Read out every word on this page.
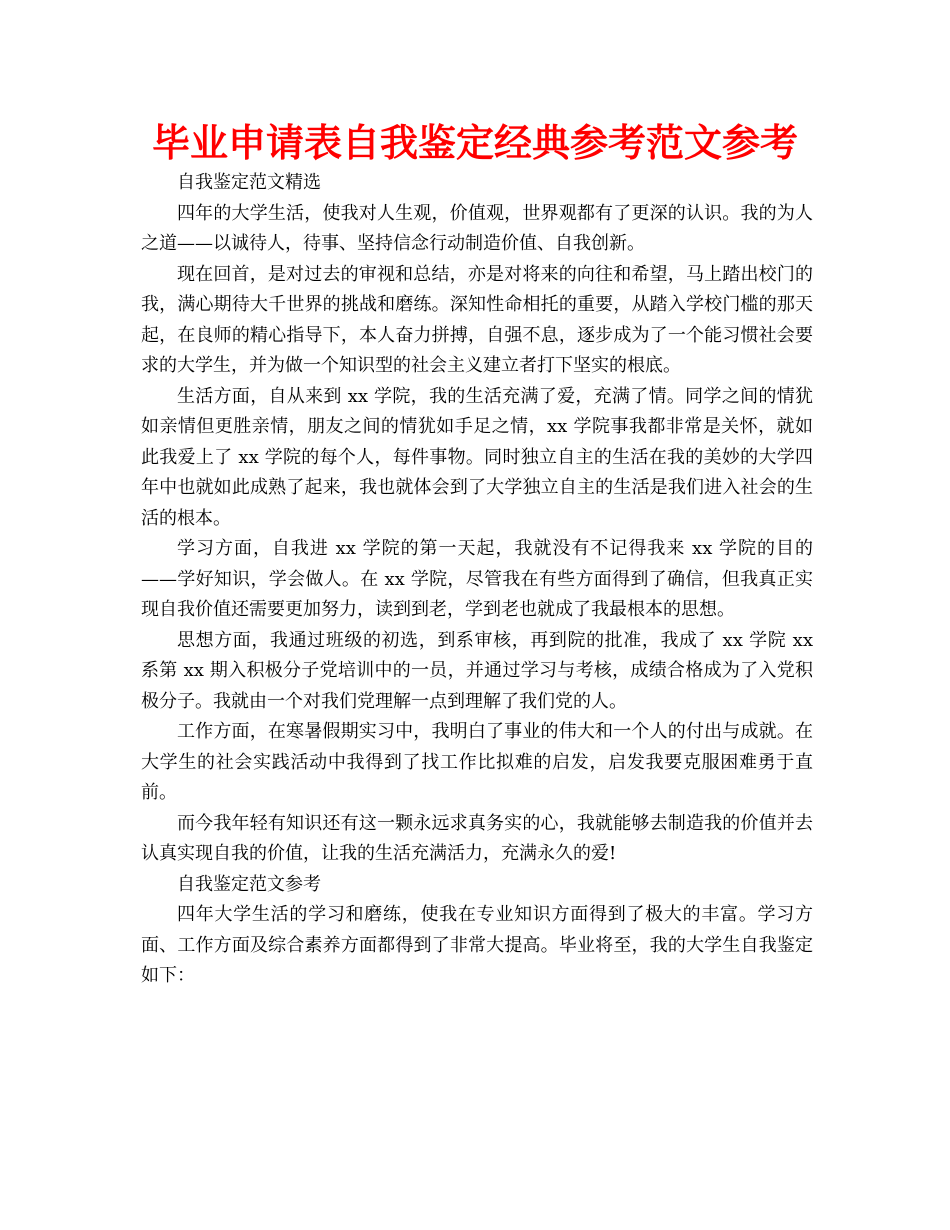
毕业申请表自我鉴定经典参考范文参考

自我鉴定范文精选

四年的大学生活，使我对人生观，价值观，世界观都有了更深的认识。我的为人之道——以诚待人，待事、坚持信念行动制造价值、自我创新。

现在回首，是对过去的审视和总结，亦是对将来的向往和希望，马上踏出校门的我，满心期待大千世界的挑战和磨练。深知性命相托的重要，从踏入学校门槛的那天起，在良师的精心指导下，本人奋力拼搏，自强不息，逐步成为了一个能习惯社会要求的大学生，并为做一个知识型的社会主义建立者打下坚实的根底。

生活方面，自从来到 xx 学院，我的生活充满了爱，充满了情。同学之间的情犹如亲情但更胜亲情，朋友之间的情犹如手足之情，xx 学院事我都非常是关怀，就如此我爱上了 xx 学院的每个人，每件事物。同时独立自主的生活在我的美妙的大学四年中也就如此成熟了起来，我也就体会到了大学独立自主的生活是我们进入社会的生活的根本。

学习方面，自我进 xx 学院的第一天起，我就没有不记得我来 xx 学院的目的——学好知识，学会做人。在 xx 学院，尽管我在有些方面得到了确信，但我真正实现自我价值还需要更加努力，读到到老，学到老也就成了我最根本的思想。

思想方面，我通过班级的初选，到系审核，再到院的批准，我成了 xx 学院 xx 系第 xx 期入积极分子党培训中的一员，并通过学习与考核，成绩合格成为了入党积极分子。我就由一个对我们党理解一点到理解了我们党的人。

工作方面，在寒暑假期实习中，我明白了事业的伟大和一个人的付出与成就。在大学生的社会实践活动中我得到了找工作比拟难的启发，启发我要克服困难勇于直前。

而今我年轻有知识还有这一颗永远求真务实的心，我就能够去制造我的价值并去认真实现自我的价值，让我的生活充满活力，充满永久的爱!

自我鉴定范文参考

四年大学生活的学习和磨练，使我在专业知识方面得到了极大的丰富。学习方面、工作方面及综合素养方面都得到了非常大提高。毕业将至，我的大学生自我鉴定如下：
